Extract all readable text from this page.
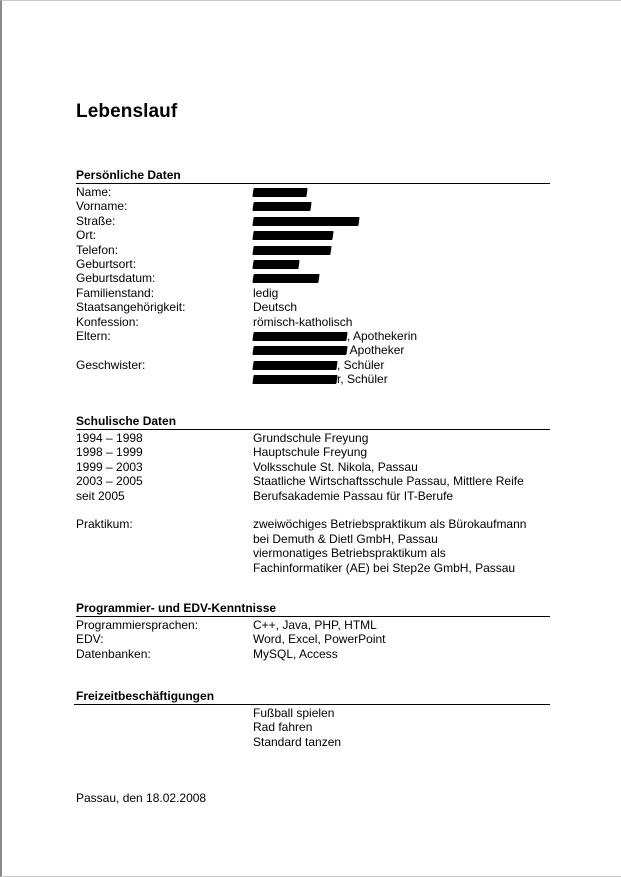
Lebenslauf
Persönliche Daten
Name:
Vorname:
Straße:
Ort:
Telefon:
Geburtsort:
Geburtsdatum:
Familienstand:	ledig
Staatsangehörigkeit:	Deutsch
Konfession:	römisch-katholisch
Eltern:	, Apothekerin
Apotheker
Geschwister:	, Schüler
r, Schüler
Schulische Daten
1994 – 1998	Grundschule Freyung
1998 – 1999	Hauptschule Freyung
1999 – 2003	Volksschule St. Nikola, Passau
2003 – 2005	Staatliche Wirtschaftsschule Passau, Mittlere Reife
seit 2005	Berufsakademie Passau für IT-Berufe
Praktikum:	zweiwöchiges Betriebspraktikum als Bürokaufmann
bei Demuth & Dietl GmbH, Passau
viermonatiges Betriebspraktikum als
Fachinformatiker (AE) bei Step2e GmbH, Passau
Programmier- und EDV-Kenntnisse
Programmiersprachen:	C++, Java, PHP, HTML
EDV:	Word, Excel, PowerPoint
Datenbanken:	MySQL, Access
Freizeitbeschäftigungen
Fußball spielen
Rad fahren
Standard tanzen
Passau, den 18.02.2008
